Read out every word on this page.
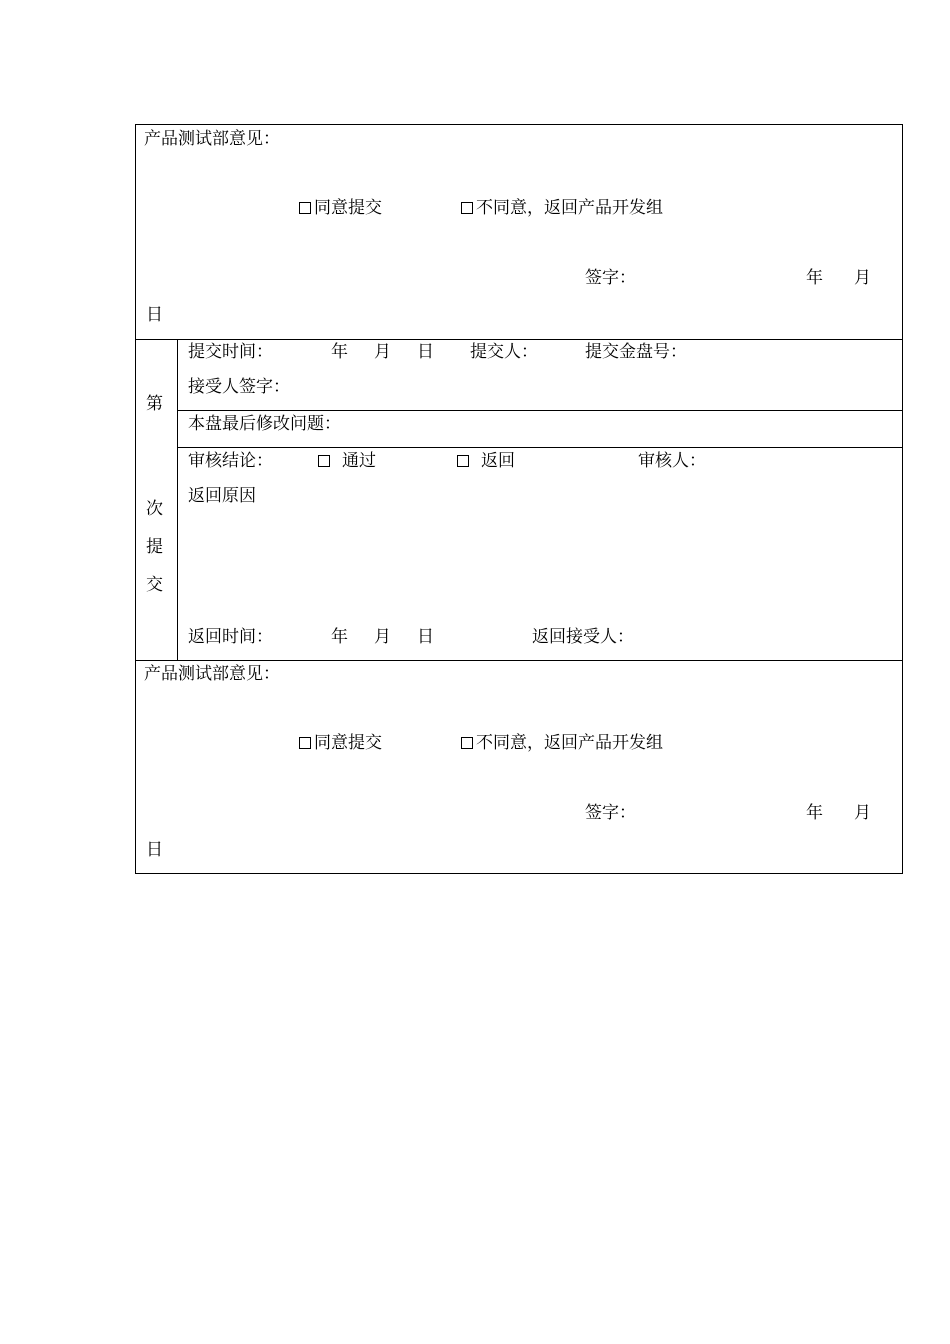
产品测试部意见：
同意提交	不同意，返回产品开发组
签字：	年 月
日
第
次
提
交
提交时间：	年 月 日 提交人：	提交金盘号：
接受人签字：
本盘最后修改问题：
审核结论：	通过	返回	审核人：
返回原因
返回时间：	年 月 日	返回接受人：
产品测试部意见：
同意提交	不同意，返回产品开发组
签字：	年 月
日
